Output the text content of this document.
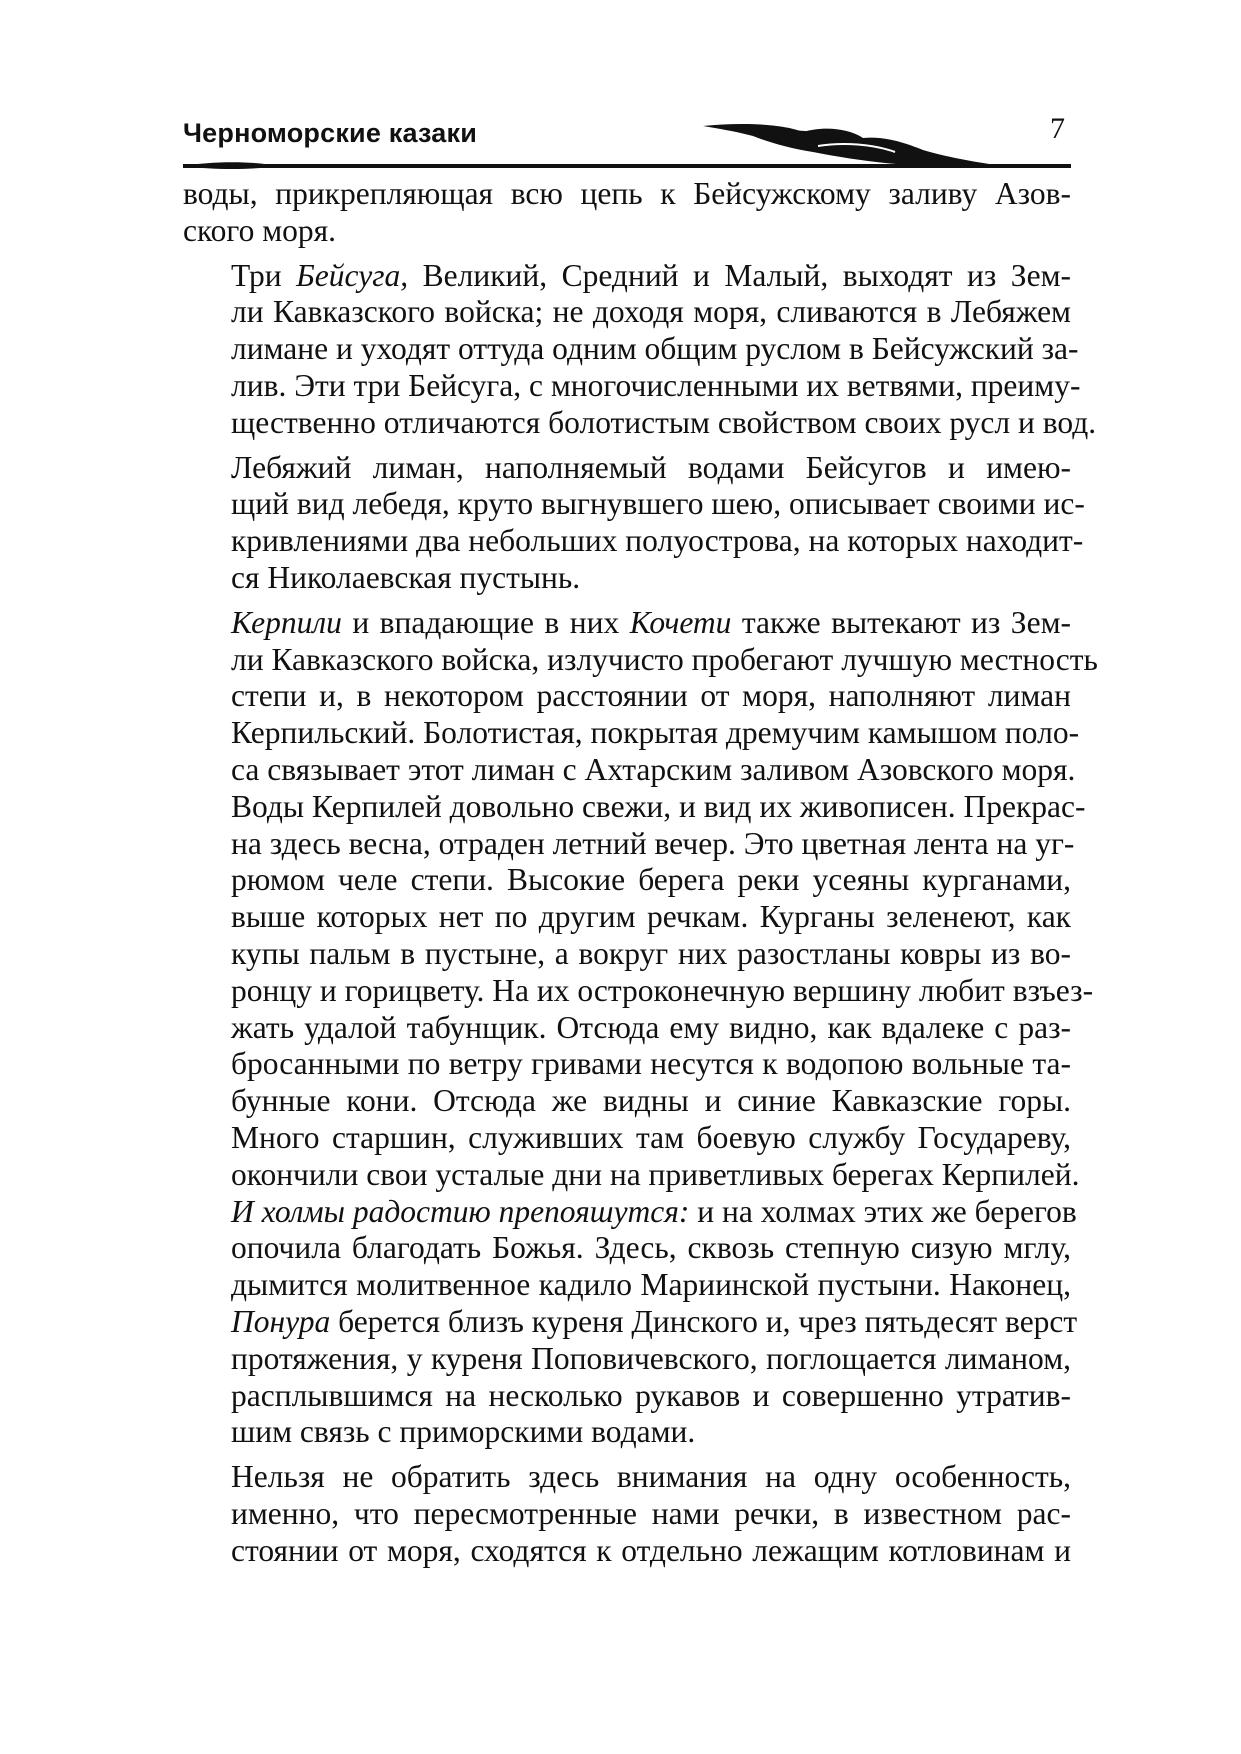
Черноморские казаки	7

воды, прикрепляющая всю цепь к Бейсужскому заливу Азов-
ского моря.

Три Бейсуга, Великий, Средний и Малый, выходят из Зем-
ли Кавказского войска; не доходя моря, сливаются в Лебяжем
лимане и уходят оттуда одним общим руслом в Бейсужский за-
лив. Эти три Бейсуга, с многочисленными их ветвями, преиму-
щественно отличаются болотистым свойством своих русл и вод.

Лебяжий лиман, наполняемый водами Бейсугов и имею-
щий вид лебедя, круто выгнувшего шею, описывает своими ис-
кривлениями два небольших полуострова, на которых находит-
ся Николаевская пустынь.

Керпили и впадающие в них Кочети также вытекают из Зем-
ли Кавказского войска, излучисто пробегают лучшую местность
степи и, в некотором расстоянии от моря, наполняют лиман
Керпильский. Болотистая, покрытая дремучим камышом поло-
са связывает этот лиман с Ахтарским заливом Азовского моря.
Воды Керпилей довольно свежи, и вид их живописен. Прекрас-
на здесь весна, отраден летний вечер. Это цветная лента на уг-
рюмом челе степи. Высокие берега реки усеяны курганами,
выше которых нет по другим речкам. Курганы зеленеют, как
купы пальм в пустыне, а вокруг них разостланы ковры из во-
ронцу и горицвету. На их остроконечную вершину любит взъез-
жать удалой табунщик. Отсюда ему видно, как вдалеке с раз-
бросанными по ветру гривами несутся к водопою вольные та-
бунные кони. Отсюда же видны и синие Кавказские горы.
Много старшин, служивших там боевую службу Государеву,
окончили свои усталые дни на приветливых берегах Керпилей.
И холмы радостию препояшутся: и на холмах этих же берегов
опочила благодать Божья. Здесь, сквозь степную сизую мглу,
дымится молитвенное кадило Мариинской пустыни. Наконец,
Понура берется близъ куреня Динского и, чрез пятьдесят верст
протяжения, у куреня Поповичевского, поглощается лиманом,
расплывшимся на несколько рукавов и совершенно утратив-
шим связь с приморскими водами.

Нельзя не обратить здесь внимания на одну особенность,
именно, что пересмотренные нами речки, в известном рас-
стоянии от моря, сходятся к отдельно лежащим котловинам и
